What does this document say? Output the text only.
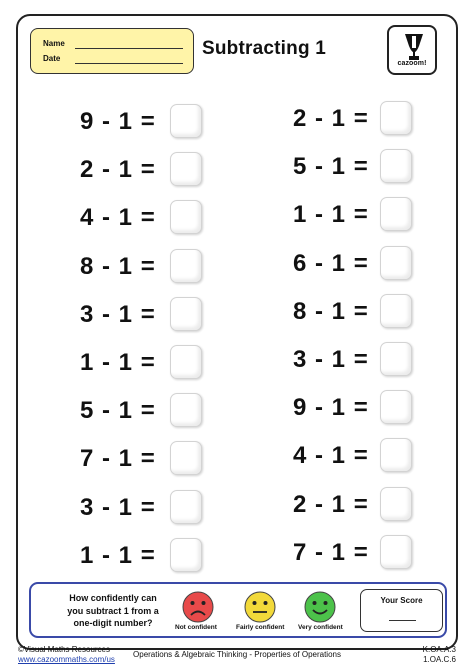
Name
Date	Subtracting 1
cazoom!
9 - 1 =
2 - 1 =
4 - 1 =
8 - 1 =
3 - 1 =
1 - 1 =
5 - 1 =
7 - 1 =
3 - 1 =
1 - 1 =
2 - 1 =
5 - 1 =
1 - 1 =
6 - 1 =
8 - 1 =
3 - 1 =
9 - 1 =
4 - 1 =
2 - 1 =
7 - 1 =
How confidently can
you subtract 1 from a
one-digit number?	Not confident	Fairly confident Very confident
Your Score
©Visual Maths Resources
www.cazoommaths.com/us
Operations & Algebraic Thinking - Properties of Operations
K.OA.A.3
1.OA.C.6
